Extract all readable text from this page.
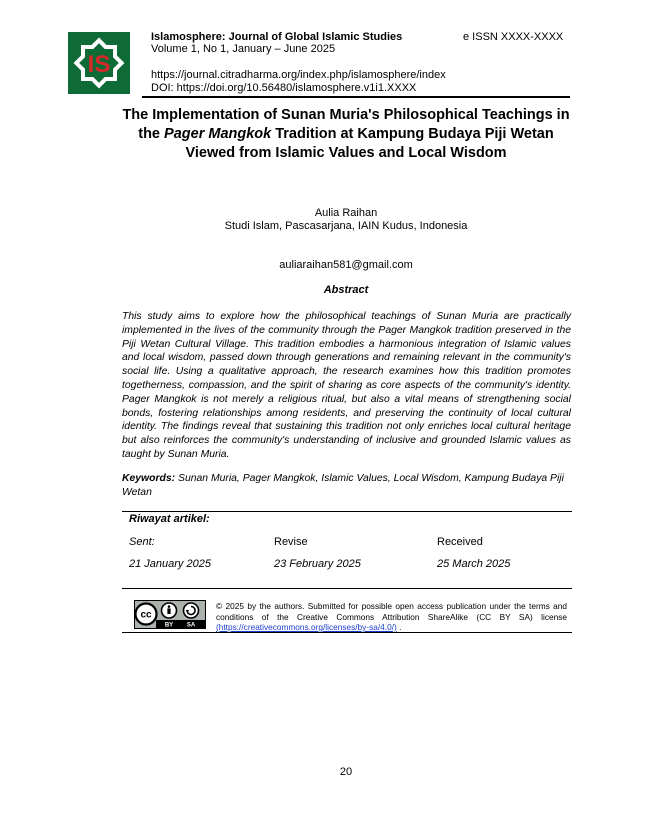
IS
Islamosphere: Journal of Global Islamic Studies	e ISSN XXXX-XXXX
Volume 1, No 1, January – June 2025
https://journal.citradharma.org/index.php/islamosphere/index
DOI: https://doi.org/10.56480/islamosphere.v1i1.XXXX
The Implementation of Sunan Muria's Philosophical Teachings in the Pager Mangkok Tradition at Kampung Budaya Piji Wetan Viewed from Islamic Values and Local Wisdom
Aulia Raihan
Studi Islam, Pascasarjana, IAIN Kudus, Indonesia
auliaraihan581@gmail.com
Abstract
This study aims to explore how the philosophical teachings of Sunan Muria are practically implemented in the lives of the community through the Pager Mangkok tradition preserved in the Piji Wetan Cultural Village. This tradition embodies a harmonious integration of Islamic values and local wisdom, passed down through generations and remaining relevant in the community's social life. Using a qualitative approach, the research examines how this tradition promotes togetherness, compassion, and the spirit of sharing as core aspects of the community's identity. Pager Mangkok is not merely a religious ritual, but also a vital means of strengthening social bonds, fostering relationships among residents, and preserving the continuity of local cultural identity. The findings reveal that sustaining this tradition not only enriches local cultural heritage but also reinforces the community's understanding of inclusive and grounded Islamic values as taught by Sunan Muria.
Keywords: Sunan Muria, Pager Mangkok, Islamic Values, Local Wisdom, Kampung Budaya Piji Wetan
Riwayat artikel:
Sent:
21 January 2025
Revise
23 February 2025
Received
25 March 2025
cc
BY SA
© 2025 by the authors. Submitted for possible open access publication under the terms and conditions of the Creative Commons Attribution ShareAlike (CC BY SA) license (https://creativecommons.org/licenses/by-sa/4.0/) .
20
